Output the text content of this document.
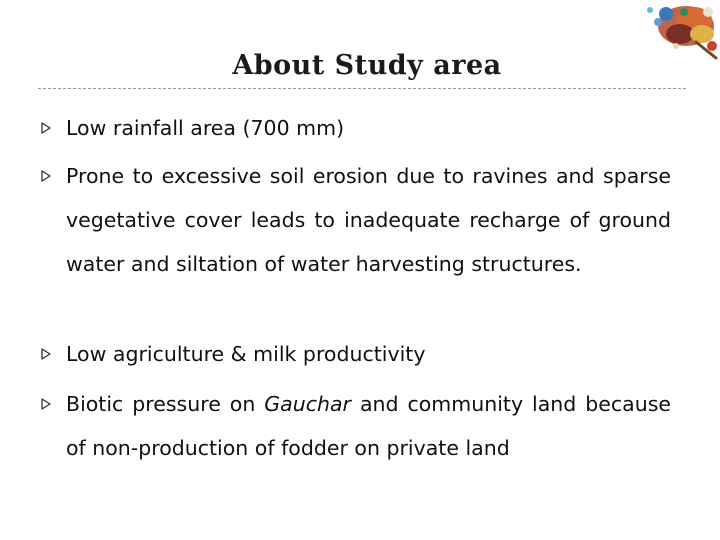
About Study area
Low rainfall area (700 mm)
Prone to excessive soil erosion due to ravines and sparse vegetative cover leads to inadequate recharge of ground water and siltation of water harvesting structures.
Low agriculture & milk productivity
Biotic pressure on Gauchar and community land because of non-production of fodder on private land
